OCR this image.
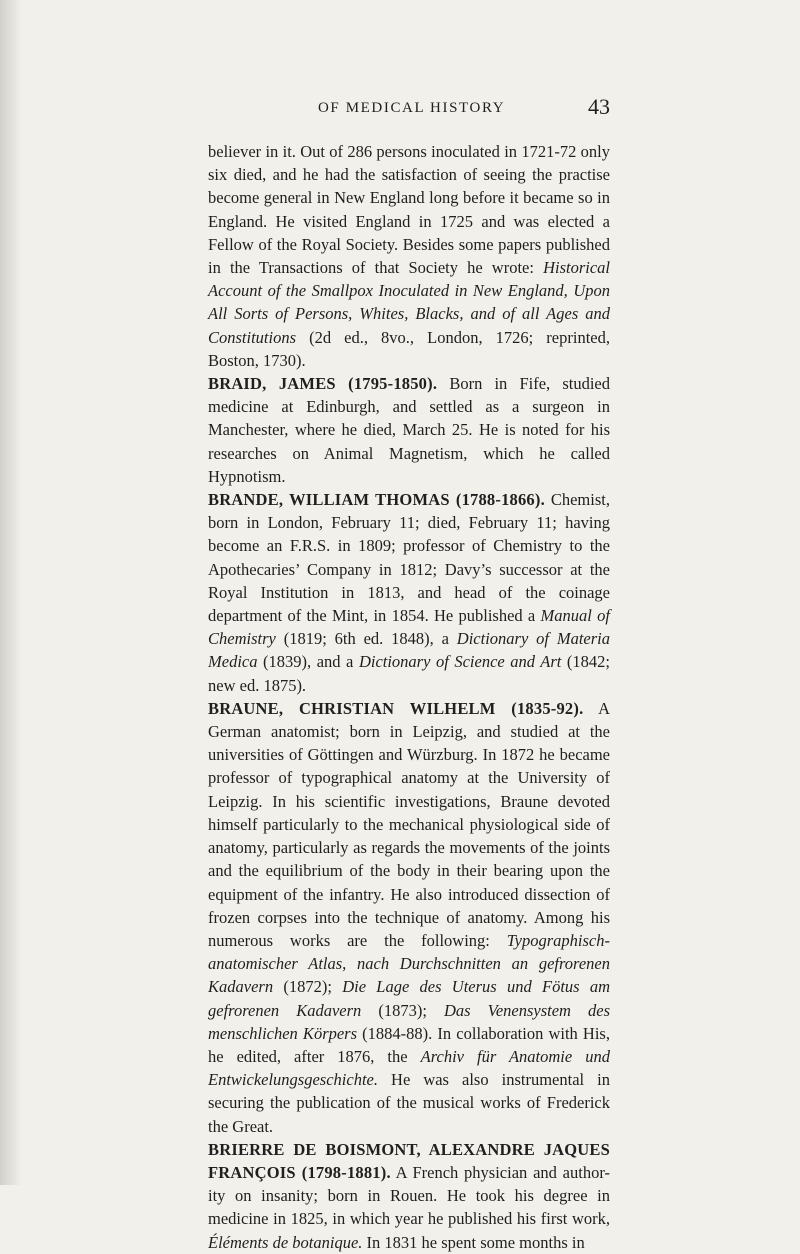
OF MEDICAL HISTORY	43

believer in it. Out of 286 persons inoculated in 1721-72 only six died, and he had the satisfaction of seeing the practise become general in New England long before it became so in England. He visited England in 1725 and was elected a Fellow of the Royal Society. Besides some papers published in the Transactions of that Society he wrote: Historical Account of the Smallpox Inoculated in New England, Upon All Sorts of Persons, Whites, Blacks, and of all Ages and Constitutions (2d ed., 8vo., London, 1726; reprinted, Boston, 1730).

BRAID, JAMES (1795-1850). Born in Fife, studied medicine at Edinburgh, and settled as a surgeon in Manchester, where he died, March 25. He is noted for his researches on Animal Magnetism, which he called Hypnotism.

BRANDE, WILLIAM THOMAS (1788-1866). Chemist, born in London, February 11; died, February 11; having become an F.R.S. in 1809; professor of Chemistry to the Apothecaries’ Company in 1812; Davy’s successor at the Royal Institution in 1813, and head of the coinage department of the Mint, in 1854. He published a Manual of Chemistry (1819; 6th ed. 1848), a Dictionary of Materia Medica (1839), and a Dictionary of Science and Art (1842; new ed. 1875).

BRAUNE, CHRISTIAN WILHELM (1835-92). A German anatomist; born in Leipzig, and studied at the universities of Göttingen and Würzburg. In 1872 he became professor of typographical anatomy at the University of Leipzig. In his scientific investigations, Braune devoted himself particularly to the mechanical physiological side of anatomy, particularly as regards the movements of the joints and the equilibrium of the body in their bearing upon the equipment of the infantry. He also introduced dissection of frozen corpses into the technique of anatomy. Among his numerous works are the following: Typographisch-anatomischer Atlas, nach Durchschnitten an gefrorenen Kadavern (1872); Die Lage des Uterus und Fötus am gefrorenen Kadavern (1873); Das Venensystem des menschlichen Körpers (1884-88). In collaboration with His, he edited, after 1876, the Archiv für Anatomie und Entwickelungsgeschichte. He was also instrumental in securing the publication of the musical works of Frederick the Great.

BRIERRE DE BOISMONT, ALEXANDRE JAQUES FRANÇOIS (1798-1881). A French physician and author- ity on insanity; born in Rouen. He took his degree in medicine in 1825, in which year he published his first work, Éléments de botanique. In 1831 he spent some months in
